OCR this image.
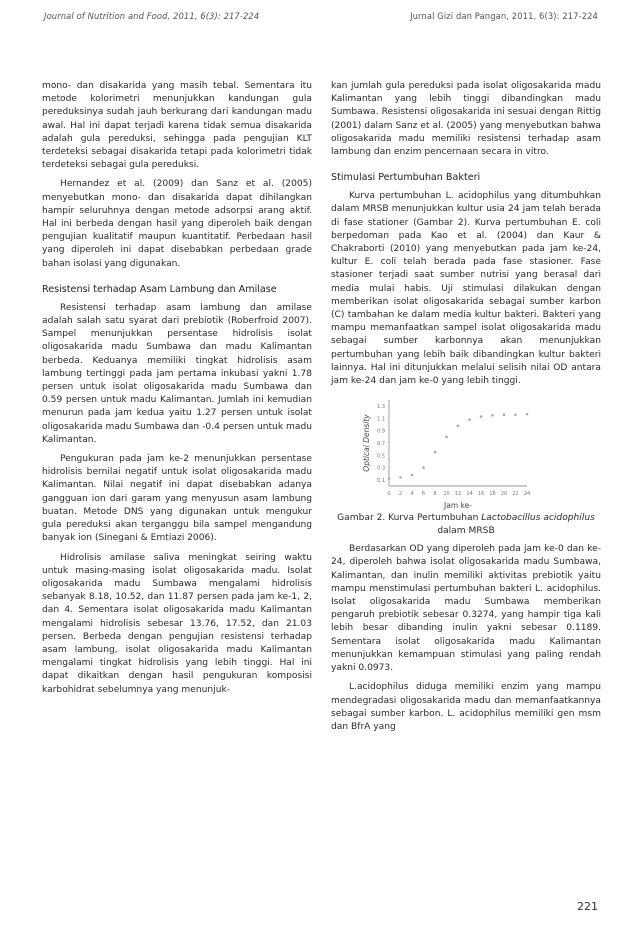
Journal of Nutrition and Food, 2011, 6(3): 217-224	Jurnal Gizi dan Pangan, 2011, 6(3): 217-224

mono- dan disakarida yang masih tebal. Sementara itu metode kolorimetri menunjukkan kandungan gula pereduksinya sudah jauh berkurang dari kandungan madu awal. Hal ini dapat terjadi karena tidak semua disakarida adalah gula pereduksi, sehingga pada pengujian KLT terdeteksi sebagai disakarida tetapi pada kolorimetri tidak terdeteksi sebagai gula pereduksi.

Hernandez et al. (2009) dan Sanz et al. (2005) menyebutkan mono- dan disakarida dapat dihilangkan hampir seluruhnya dengan metode adsorpsi arang aktif. Hal ini berbeda dengan hasil yang diperoleh baik dengan pengujian kualitatif maupun kuantitatif. Perbedaan hasil yang diperoleh ini dapat disebabkan perbedaan grade bahan isolasi yang digunakan.

Resistensi terhadap Asam Lambung dan Amilase

Resistensi terhadap asam lambung dan amilase adalah salah satu syarat dari prebiotik (Roberfroid 2007). Sampel menunjukkan persentase hidrolisis isolat oligosakarida madu Sumbawa dan madu Kalimantan berbeda. Keduanya memiliki tingkat hidrolisis asam lambung tertinggi pada jam pertama inkubasi yakni 1.78 persen untuk isolat oligosakarida madu Sumbawa dan 0.59 persen untuk madu Kalimantan. Jumlah ini kemudian menurun pada jam kedua yaitu 1.27 persen untuk isolat oligosakarida madu Sumbawa dan -0.4 persen untuk madu Kalimantan.

Pengukuran pada jam ke-2 menunjukkan persentase hidrolisis bernilai negatif untuk isolat oligosakarida madu Kalimantan. Nilai negatif ini dapat disebabkan adanya gangguan ion dari garam yang menyusun asam lambung buatan. Metode DNS yang digunakan untuk mengukur gula pereduksi akan terganggu bila sampel mengandung banyak ion (Sinegani & Emtiazi 2006).

Hidrolisis amilase saliva meningkat seiring waktu untuk masing-masing isolat oligosakarida madu. Isolat oligosakarida madu Sumbawa mengalami hidrolisis sebanyak 8.18, 10.52, dan 11.87 persen pada jam ke-1, 2, dan 4. Sementara isolat oligosakarida madu Kalimantan mengalami hidrolisis sebesar 13.76, 17.52, dan 21.03 persen. Berbeda dengan pengujian resistensi terhadap asam lambung, isolat oligosakarida madu Kalimantan mengalami tingkat hidrolisis yang lebih tinggi. Hal ini dapat dikaitkan dengan hasil pengukuran komposisi karbohidrat sebelumnya yang menunjuk-

kan jumlah gula pereduksi pada isolat oligosakarida madu Kalimantan yang lebih tinggi dibandingkan madu Sumbawa. Resistensi oligosakarida ini sesuai dengan Rittig (2001) dalam Sanz et al. (2005) yang menyebutkan bahwa oligosakarida madu memiliki resistensi terhadap asam lambung dan enzim pencernaan secara in vitro.

Stimulasi Pertumbuhan Bakteri

Kurva pertumbuhan L. acidophilus yang ditumbuhkan dalam MRSB menunjukkan kultur usia 24 jam telah berada di fase stationer (Gambar 2). Kurva pertumbuhan E. coli berpedoman pada Kao et al. (2004) dan Kaur & Chakraborti (2010) yang menyebutkan pada jam ke-24, kultur E. coli telah berada pada fase stasioner. Fase stasioner terjadi saat sumber nutrisi yang berasal dari media mulai habis. Uji stimulasi dilakukan dengan memberikan isolat oligosakarida sebagai sumber karbon (C) tambahan ke dalam media kultur bakteri. Bakteri yang mampu memanfaatkan sampel isolat oligosakarida madu sebagai sumber karbonnya akan menunjukkan pertumbuhan yang lebih baik dibandingkan kultur bakteri lainnya. Hal ini ditunjukkan melalui selisih nilai OD antara jam ke-24 dan jam ke-0 yang lebih tinggi.

0.1
0.3
0.5
0.7
0.9
1.1
1.3
0 2 4 6 8 10 12 14 16 18 20 22 24
Optical Density
Jam ke-
Gambar 2. Kurva Pertumbuhan Lactobacillus acidophilus dalam MRSB

Berdasarkan OD yang diperoleh pada jam ke-0 dan ke-24, diperoleh bahwa isolat oligosakarida madu Sumbawa, Kalimantan, dan inulin memiliki aktivitas prebiotik yaitu mampu menstimulasi pertumbuhan bakteri L. acidophilus. Isolat oligosakarida madu Sumbawa memberikan pengaruh prebiotik sebesar 0.3274, yang hampir tiga kali lebih besar dibanding inulin yakni sebesar 0.1189. Sementara isolat oligosakarida madu Kalimantan menunjukkan kemampuan stimulasi yang paling rendah yakni 0.0973.

L.acidophilus diduga memiliki enzim yang mampu mendegradasi oligosakarida madu dan memanfaatkannya sebagai sumber karbon. L. acidophilus memiliki gen msm dan BfrA yang

221
